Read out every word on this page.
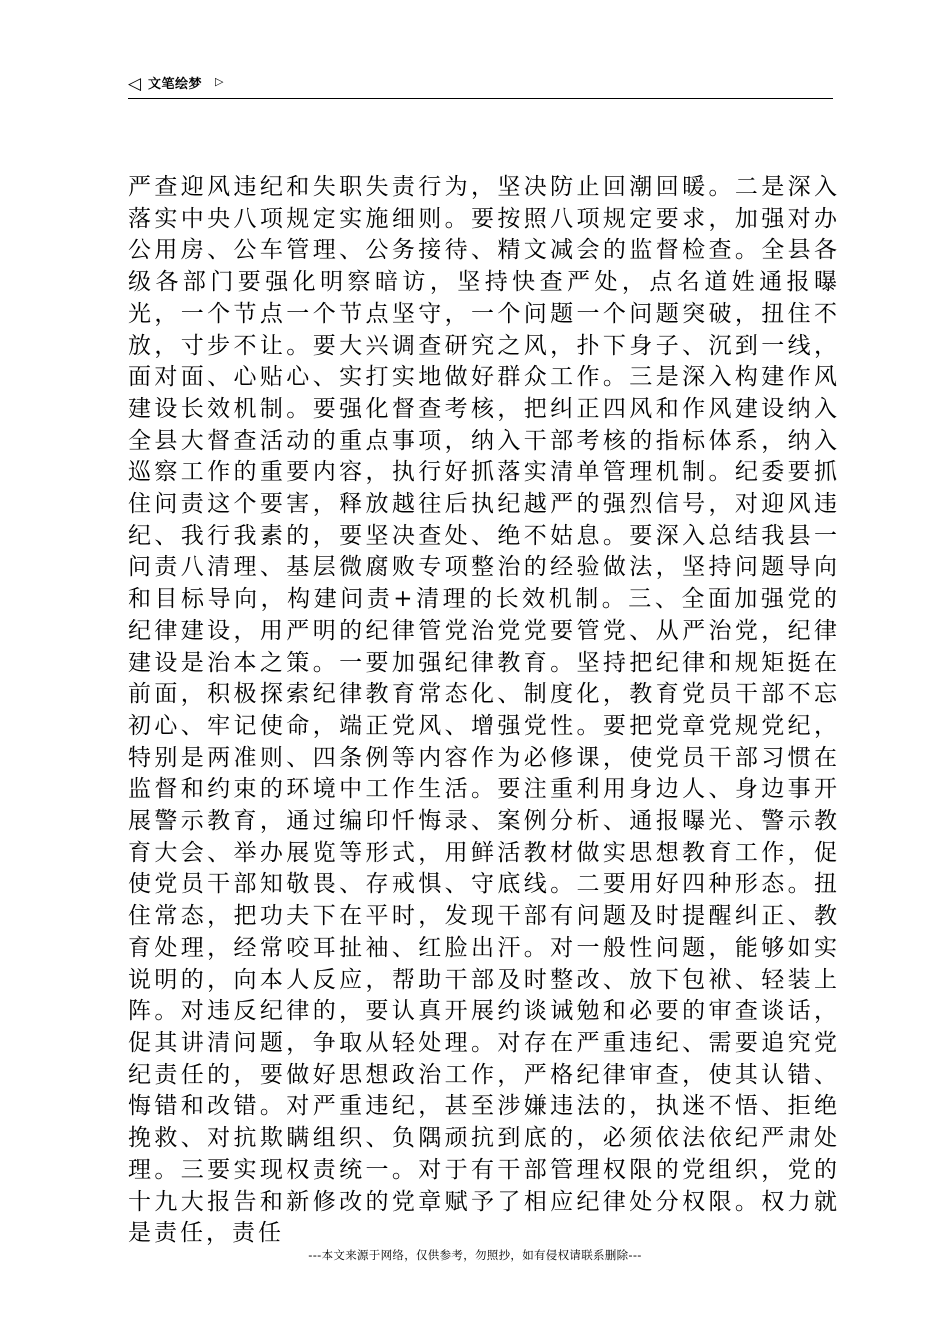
◁ 文笔绘梦 ▷

严查迎风违纪和失职失责行为，坚决防止回潮回暖。二是深入落实中央八项规定实施细则。要按照八项规定要求，加强对办公用房、公车管理、公务接待、精文减会的监督检查。全县各级各部门要强化明察暗访，坚持快查严处，点名道姓通报曝光，一个节点一个节点坚守，一个问题一个问题突破，扭住不放，寸步不让。要大兴调查研究之风，扑下身子、沉到一线，面对面、心贴心、实打实地做好群众工作。三是深入构建作风建设长效机制。要强化督查考核，把纠正四风和作风建设纳入全县大督查活动的重点事项，纳入干部考核的指标体系，纳入巡察工作的重要内容，执行好抓落实清单管理机制。纪委要抓住问责这个要害，释放越往后执纪越严的强烈信号，对迎风违纪、我行我素的，要坚决查处、绝不姑息。要深入总结我县一问责八清理、基层微腐败专项整治的经验做法，坚持问题导向和目标导向，构建问责+清理的长效机制。三、全面加强党的纪律建设，用严明的纪律管党治党党要管党、从严治党，纪律建设是治本之策。一要加强纪律教育。坚持把纪律和规矩挺在前面，积极探索纪律教育常态化、制度化，教育党员干部不忘初心、牢记使命，端正党风、增强党性。要把党章党规党纪，特别是两准则、四条例等内容作为必修课，使党员干部习惯在监督和约束的环境中工作生活。要注重利用身边人、身边事开展警示教育，通过编印忏悔录、案例分析、通报曝光、警示教育大会、举办展览等形式，用鲜活教材做实思想教育工作，促使党员干部知敬畏、存戒惧、守底线。二要用好四种形态。扭住常态，把功夫下在平时，发现干部有问题及时提醒纠正、教育处理，经常咬耳扯袖、红脸出汗。对一般性问题，能够如实说明的，向本人反应，帮助干部及时整改、放下包袱、轻装上阵。对违反纪律的，要认真开展约谈诫勉和必要的审查谈话，促其讲清问题，争取从轻处理。对存在严重违纪、需要追究党纪责任的，要做好思想政治工作，严格纪律审查，使其认错、悔错和改错。对严重违纪，甚至涉嫌违法的，执迷不悟、拒绝挽救、对抗欺瞒组织、负隅顽抗到底的，必须依法依纪严肃处理。三要实现权责统一。对于有干部管理权限的党组织，党的十九大报告和新修改的党章赋予了相应纪律处分权限。权力就是责任，责任

---本文来源于网络，仅供参考，勿照抄，如有侵权请联系删除---
